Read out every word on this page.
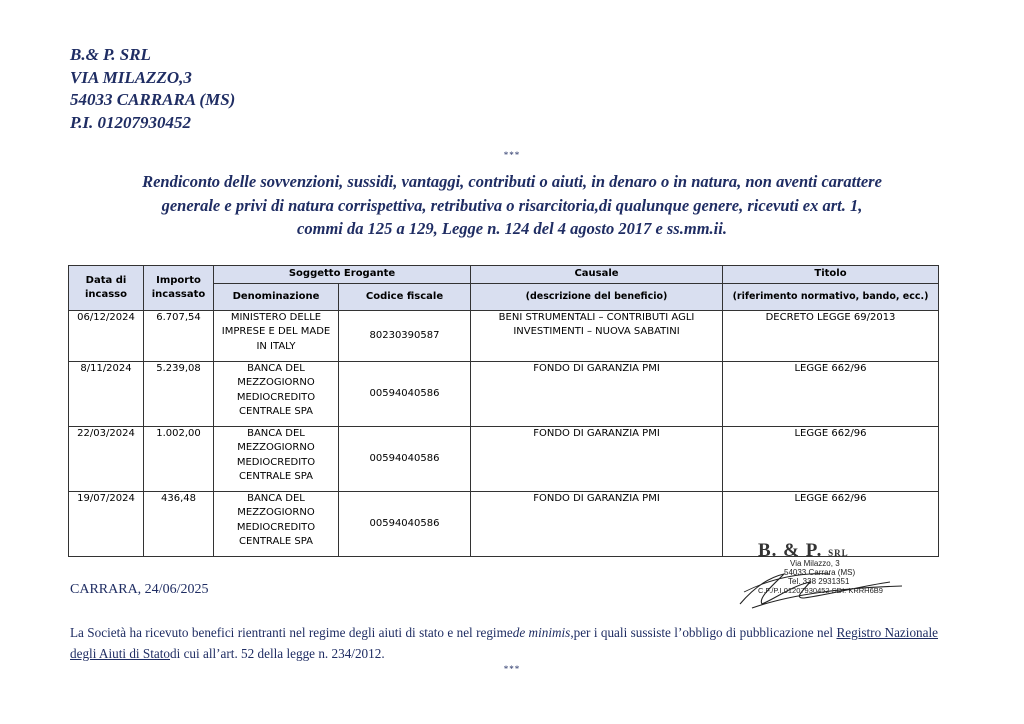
B.& P. SRL
VIA MILAZZO,3
54033 CARRARA (MS)
P.I. 01207930452
***
Rendiconto delle sovvenzioni, sussidi, vantaggi, contributi o aiuti, in denaro o in natura, non aventi carattere
generale e privi di natura corrispettiva, retributiva o risarcitoria,di qualunque genere, ricevuti ex art. 1,
commi da 125 a 129, Legge n. 124 del 4 agosto 2017 e ss.mm.ii.
Data di incasso	Importo incassato	Soggetto Erogante		Causale	Titolo
		Denominazione	Codice fiscale	(descrizione del beneficio)	(riferimento normativo, bando, ecc.)
06/12/2024	6.707,54	MINISTERO DELLE IMPRESE E DEL MADE IN ITALY	80230390587	BENI STRUMENTALI – CONTRIBUTI AGLI INVESTIMENTI – NUOVA SABATINI	DECRETO LEGGE 69/2013
8/11/2024	5.239,08	BANCA DEL MEZZOGIORNO MEDIOCREDITO CENTRALE SPA	00594040586	FONDO DI GARANZIA PMI	LEGGE 662/96
22/03/2024	1.002,00	BANCA DEL MEZZOGIORNO MEDIOCREDITO CENTRALE SPA	00594040586	FONDO DI GARANZIA PMI	LEGGE 662/96
19/07/2024	436,48	BANCA DEL MEZZOGIORNO MEDIOCREDITO CENTRALE SPA	00594040586	FONDO DI GARANZIA PMI	LEGGE 662/96
B. & P. SRL
Via Milazzo, 3
54033 Carrara (MS)
Tel. 338 2931351
C.F./P.I.01207930452 SDI: KRRH6B9
CARRARA, 24/06/2025
La Società ha ricevuto benefici rientranti nel regime degli aiuti di stato e nel regimede minimis,per i quali sussiste l’obbligo di pubblicazione nel Registro Nazionale degli Aiuti di Statodi cui all’art. 52 della legge n. 234/2012.
***
